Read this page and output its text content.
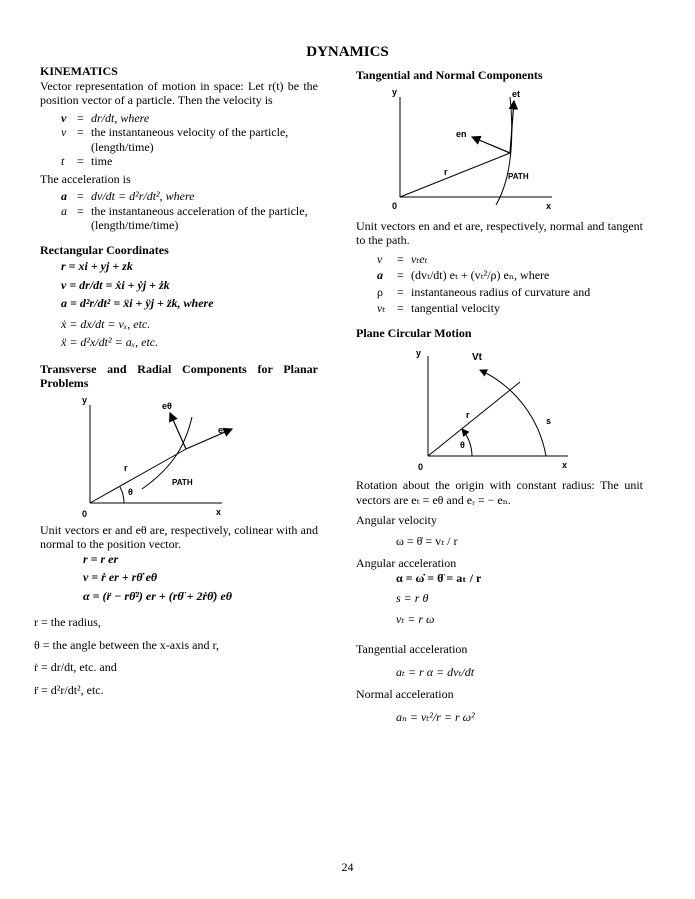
DYNAMICS

KINEMATICS

Vector representation of motion in space: Let r(t) be the position vector of a particle. Then the velocity is

v = dr/dt, where
v = the instantaneous velocity of the particle, (length/time)
t	= time

The acceleration is

a = dv/dt = d²r/dt², where
a = the instantaneous acceleration of the particle, (length/time/time)

Rectangular Coordinates

r = xi + yj + zk
v = dr/dt = ẋi + ẏj + żk
a = d²r/dt² = ẍi + ÿj + z̈k, where
ẋ = dx/dt = vₓ, etc.
ẍ = d²x/dt² = aₓ, etc.

Transverse and Radial Components for Planar Problems

y
x
0
r
θ
PATH
eθ
er

Unit vectors er and eθ are, respectively, colinear with and normal to the position vector.

r = r er
v = ṙ er + rθ̇ eθ
α = (r̈ − rθ̇²) er + (rθ̈ + 2ṙθ̇) eθ
r = the radius,
θ = the angle between the x-axis and r,
ṙ = dr/dt, etc. and
r̈ = d²r/dt², etc.

Tangential and Normal Components

y
x
0
r	PATH
et
en

Unit vectors en and et are, respectively, normal and tangent to the path.

v	= vₜeₜ
a	= (dvₜ/dt) eₜ + (vₜ²/ρ) eₙ, where
ρ	= instantaneous radius of curvature and
vₜ = tangential velocity

Plane Circular Motion

y
x
0
r
θ
s
Vt

Rotation about the origin with constant radius: The unit vectors are eₜ = eθ and eᵣ = − eₙ.

Angular velocity

ω = θ̇ = vₜ / r

Angular acceleration

α = ω̇ = θ̈ = aₜ / r
s = r θ
vₜ = r ω

Tangential acceleration

aₜ = r α = dvₜ/dt

Normal acceleration

aₙ = vₜ²/r = r ω²
24
